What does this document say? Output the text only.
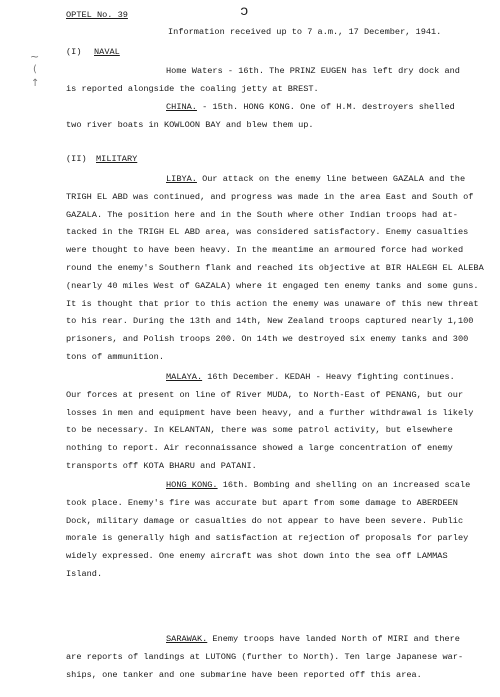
OPTEL No. 39	ɔ
Information received up to 7 a.m., 17 December, 1941.
~
(
↑
(I) NAVAL
Home Waters - 16th. The PRINZ EUGEN has left dry dock and
is reported alongside the coaling jetty at BREST.
CHINA. - 15th. HONG KONG. One of H.M. destroyers shelled
two river boats in KOWLOON BAY and blew them up.
(II) MILITARY
LIBYA. Our attack on the enemy line between GAZALA and the
TRIGH EL ABD was continued, and progress was made in the area East and South of
GAZALA. The position here and in the South where other Indian troops had at-
tacked in the TRIGH EL ABD area, was considered satisfactory. Enemy casualties
were thought to have been heavy. In the meantime an armoured force had worked
round the enemy's Southern flank and reached its objective at BIR HALEGH EL ALEBA
(nearly 40 miles West of GAZALA) where it engaged ten enemy tanks and some guns.
It is thought that prior to this action the enemy was unaware of this new threat
to his rear. During the 13th and 14th, New Zealand troops captured nearly 1,100
prisoners, and Polish troops 200. On 14th we destroyed six enemy tanks and 300
tons of ammunition.
MALAYA. 16th December. KEDAH - Heavy fighting continues.
Our forces at present on line of River MUDA, to North-East of PENANG, but our
losses in men and equipment have been heavy, and a further withdrawal is likely
to be necessary. In KELANTAN, there was some patrol activity, but elsewhere
nothing to report. Air reconnaissance showed a large concentration of enemy
transports off KOTA BHARU and PATANI.
HONG KONG. 16th. Bombing and shelling on an increased scale
took place. Enemy's fire was accurate but apart from some damage to ABERDEEN
Dock, military damage or casualties do not appear to have been severe. Public
morale is generally high and satisfaction at rejection of proposals for parley
widely expressed. One enemy aircraft was shot down into the sea off LAMMAS
Island.
SARAWAK. Enemy troops have landed North of MIRI and there
are reports of landings at LUTONG (further to North). Ten large Japanese war-
ships, one tanker and one submarine have been reported off this area.
